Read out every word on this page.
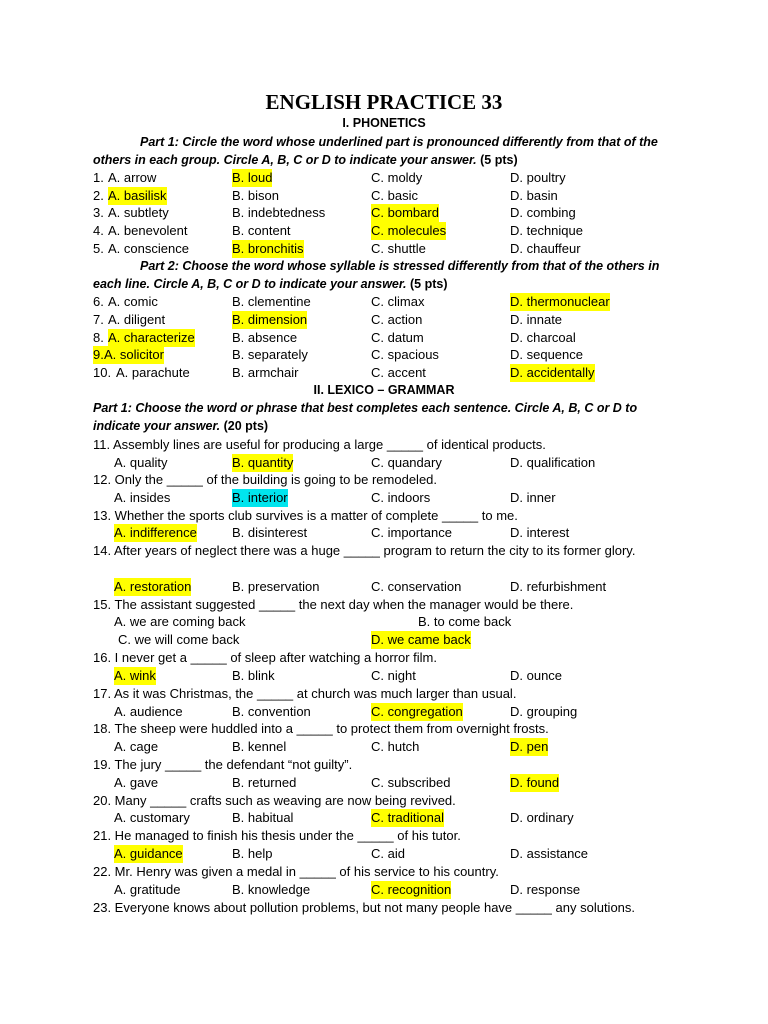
ENGLISH PRACTICE 33
I. PHONETICS
Part 1: Circle the word whose underlined part is pronounced differently from that of the others in each group. Circle A, B, C or D to indicate your answer. (5 pts)
1. A. arrow	B. loud	C. moldy	D. poultry
2. A. basilisk	B. bison	C. basic	D. basin
3. A. subtlety	B. indebtedness	C. bombard	D. combing
4. A. benevolent	B. content	C. molecules	D. technique
5. A. conscience	B. bronchitis	C. shuttle	D. chauffeur
Part 2: Choose the word whose syllable is stressed differently from that of the others in each line. Circle A, B, C or D to indicate your answer. (5 pts)
6. A. comic	B. clementine	C. climax	D. thermonuclear
7. A. diligent	B. dimension	C. action	D. innate
8. A. characterize	B. absence	C. datum	D. charcoal
9. A. solicitor	B. separately	C. spacious	D. sequence
10. A. parachute	B. armchair	C. accent	D. accidentally
II. LEXICO – GRAMMAR
Part 1: Choose the word or phrase that best completes each sentence. Circle A, B, C or D to indicate your answer. (20 pts)
11. Assembly lines are useful for producing a large _____ of identical products.
A. quality	B. quantity	C. quandary	D. qualification
12. Only the _____ of the building is going to be remodeled.
A. insides	B. interior	C. indoors	D. inner
13. Whether the sports club survives is a matter of complete _____ to me.
A. indifference	B. disinterest	C. importance	D. interest
14. After years of neglect there was a huge _____ program to return the city to its former glory.
A. restoration	B. preservation	C. conservation	D. refurbishment
15. The assistant suggested _____ the next day when the manager would be there.
A. we are coming back	B. to come back
C. we will come back	D. we came back
16. I never get a _____ of sleep after watching a horror film.
A. wink	B. blink	C. night	D. ounce
17. As it was Christmas, the _____ at church was much larger than usual.
A. audience	B. convention	C. congregation	D. grouping
18. The sheep were huddled into a _____ to protect them from overnight frosts.
A. cage	B. kennel	C. hutch	D. pen
19. The jury _____ the defendant “not guilty”.
A. gave	B. returned	C. subscribed	D. found
20. Many _____ crafts such as weaving are now being revived.
A. customary	B. habitual	C. traditional	D. ordinary
21. He managed to finish his thesis under the _____ of his tutor.
A. guidance	B. help	C. aid	D. assistance
22. Mr. Henry was given a medal in _____ of his service to his country.
A. gratitude	B. knowledge	C. recognition	D. response
23. Everyone knows about pollution problems, but not many people have _____ any solutions.
